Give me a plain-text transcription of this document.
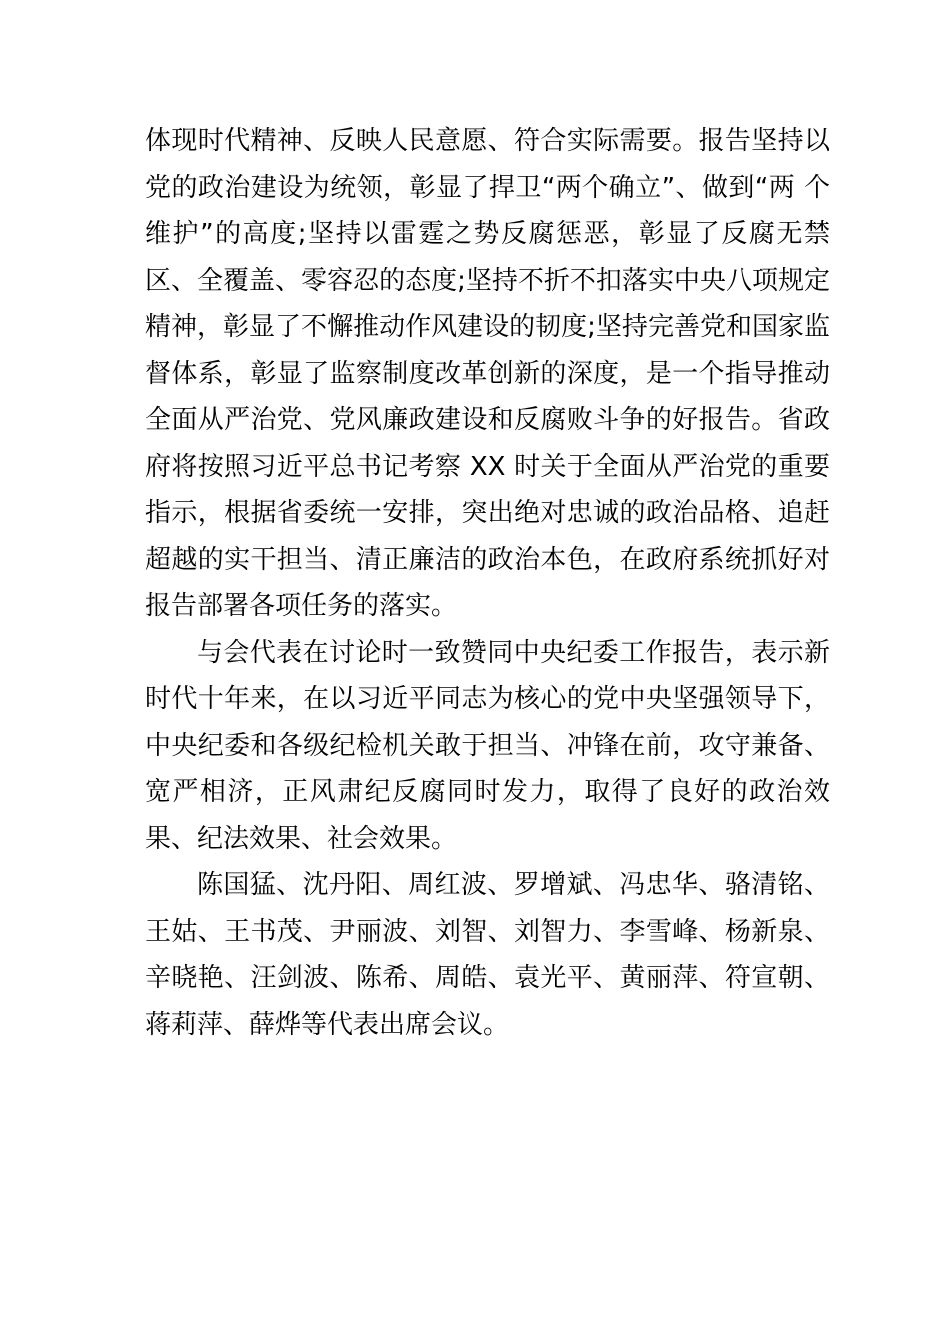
体现时代精神、反映人民意愿、符合实际需要。报告坚持以党的政治建设为统领，彰显了捍卫“两个确立”、做到“两 个维护”的高度;坚持以雷霆之势反腐惩恶，彰显了反腐无禁区、全覆盖、零容忍的态度;坚持不折不扣落实中央八项规定精神，彰显了不懈推动作风建设的韧度;坚持完善党和国家监督体系，彰显了监察制度改革创新的深度，是一个指导推动全面从严治党、党风廉政建设和反腐败斗争的好报告。省政府将按照习近平总书记考察 XX 时关于全面从严治党的重要指示，根据省委统一安排，突出绝对忠诚的政治品格、追赶超越的实干担当、清正廉洁的政治本色，在政府系统抓好对报告部署各项任务的落实。

与会代表在讨论时一致赞同中央纪委工作报告，表示新时代十年来，在以习近平同志为核心的党中央坚强领导下， 中央纪委和各级纪检机关敢于担当、冲锋在前，攻守兼备、 宽严相济，正风肃纪反腐同时发力，取得了良好的政治效果、纪法效果、社会效果。

陈国猛、沈丹阳、周红波、罗增斌、冯忠华、骆清铭、王姑、王书茂、尹丽波、刘智、刘智力、李雪峰、杨新泉、 辛晓艳、汪剑波、陈希、周皓、袁光平、黄丽萍、符宣朝、 蒋莉萍、薛烨等代表出席会议。
